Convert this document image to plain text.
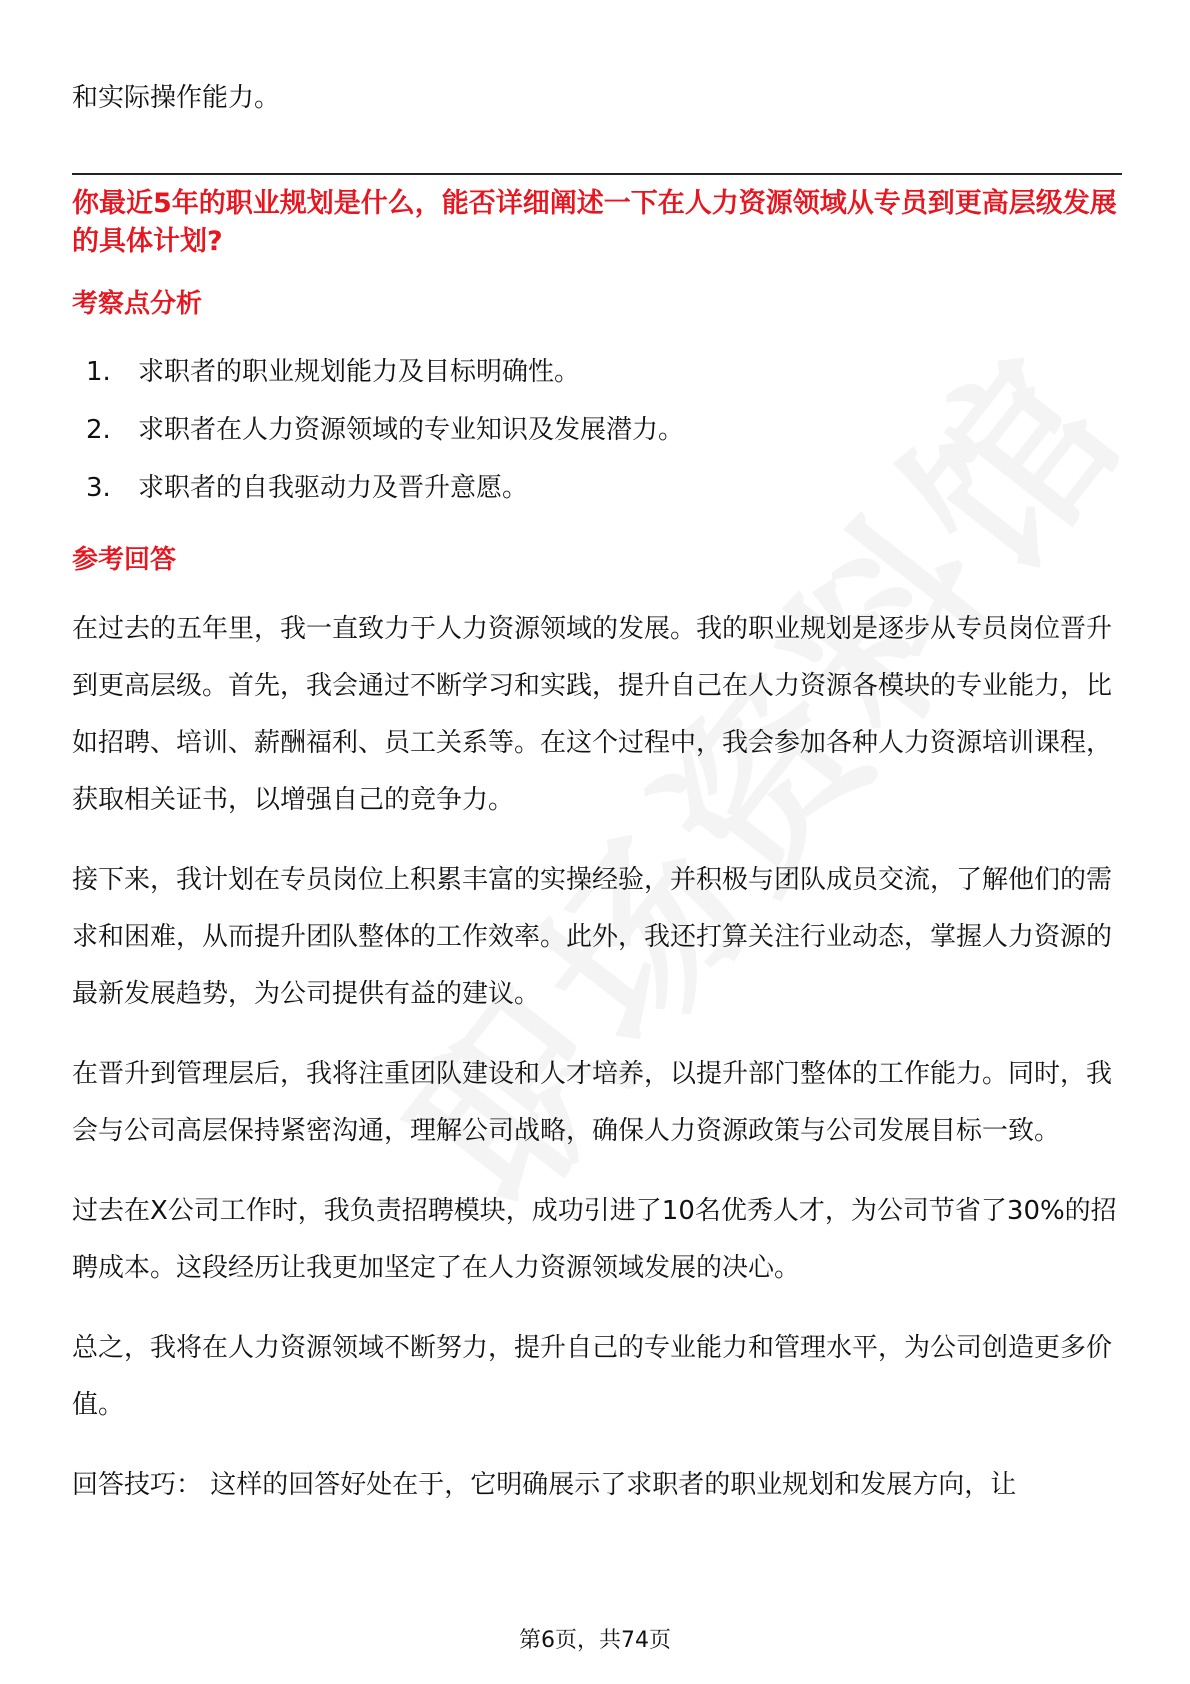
和实际操作能力。

你最近5年的职业规划是什么，能否详细阐述一下在人力资源领域从专员到更高层级发展的具体计划?

考察点分析

1.	求职者的职业规划能力及目标明确性。
2.	求职者在人力资源领域的专业知识及发展潜力。
3.	求职者的自我驱动力及晋升意愿。

参考回答

在过去的五年里，我一直致力于人力资源领域的发展。我的职业规划是逐步从专员岗位晋升到更高层级。首先，我会通过不断学习和实践，提升自己在人力资源各模块的专业能力，比如招聘、培训、薪酬福利、员工关系等。在这个过程中，我会参加各种人力资源培训课程，获取相关证书，以增强自己的竞争力。

接下来，我计划在专员岗位上积累丰富的实操经验，并积极与团队成员交流，了解他们的需求和困难，从而提升团队整体的工作效率。此外，我还打算关注行业动态，掌握人力资源的最新发展趋势，为公司提供有益的建议。

在晋升到管理层后，我将注重团队建设和人才培养，以提升部门整体的工作能力。同时，我会与公司高层保持紧密沟通，理解公司战略，确保人力资源政策与公司发展目标一致。

过去在X公司工作时，我负责招聘模块，成功引进了10名优秀人才，为公司节省了30%的招聘成本。这段经历让我更加坚定了在人力资源领域发展的决心。

总之，我将在人力资源领域不断努力，提升自己的专业能力和管理水平，为公司创造更多价值。

回答技巧： 这样的回答好处在于，它明确展示了求职者的职业规划和发展方向，让

第6页，共74页
